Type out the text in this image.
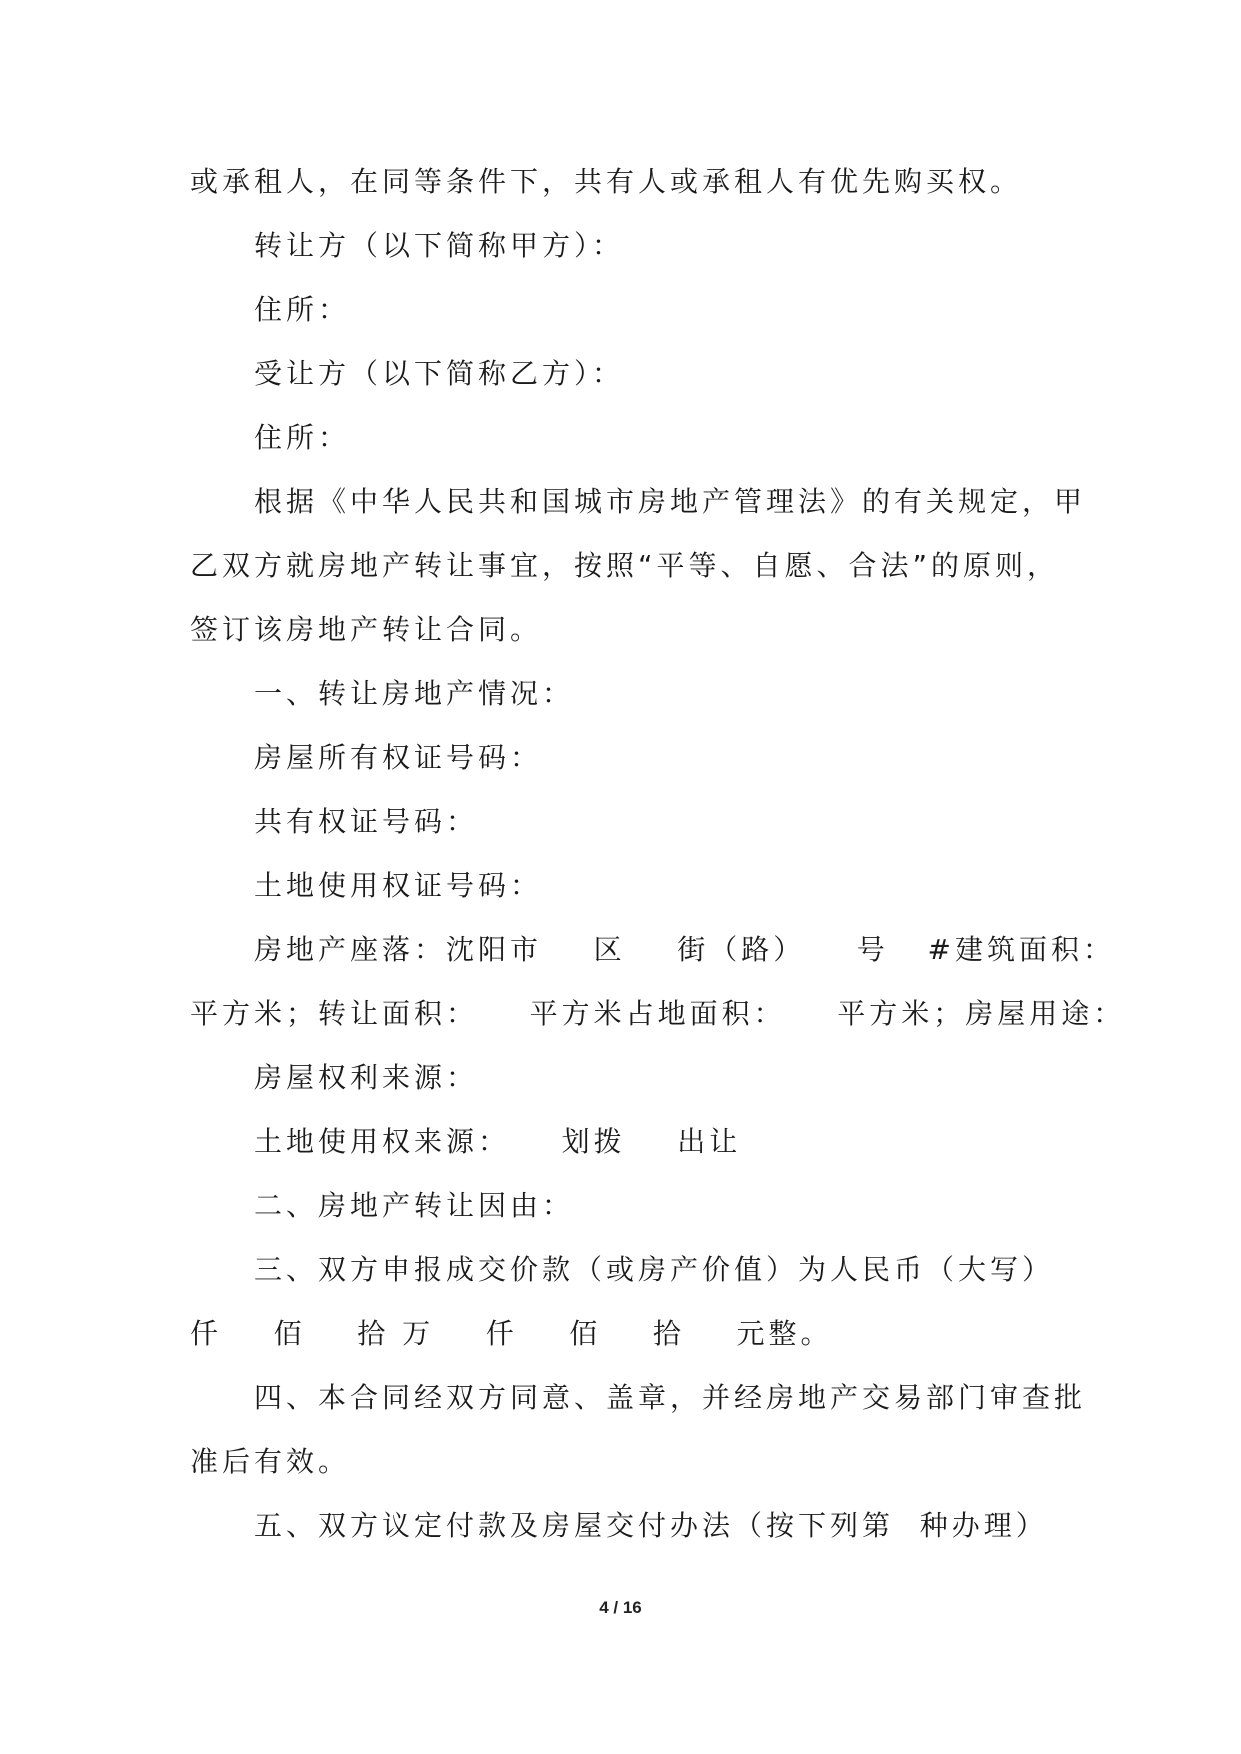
或承租人，在同等条件下，共有人或承租人有优先购买权。
转让方（以下简称甲方）：
住所：
受让方（以下简称乙方）：
住所：
根据《中华人民共和国城市房地产管理法》的有关规定，甲
乙双方就房地产转让事宜，按照“平等、自愿、合法”的原则，
签订该房地产转让合同。
一、转让房地产情况：
房屋所有权证号码：
共有权证号码：
土地使用权证号码：
房地产座落：沈阳市    区    街（路）    号   #建筑面积：
平方米；转让面积：    平方米占地面积：    平方米；房屋用途：
房屋权利来源：
土地使用权来源：    划拨    出让
二、房地产转让因由：
三、双方申报成交价款（或房产价值）为人民币（大写）
仟    佰    拾 万    仟    佰    拾    元整。
四、本合同经双方同意、盖章，并经房地产交易部门审查批
准后有效。
五、双方议定付款及房屋交付办法（按下列第  种办理）
4 / 16
